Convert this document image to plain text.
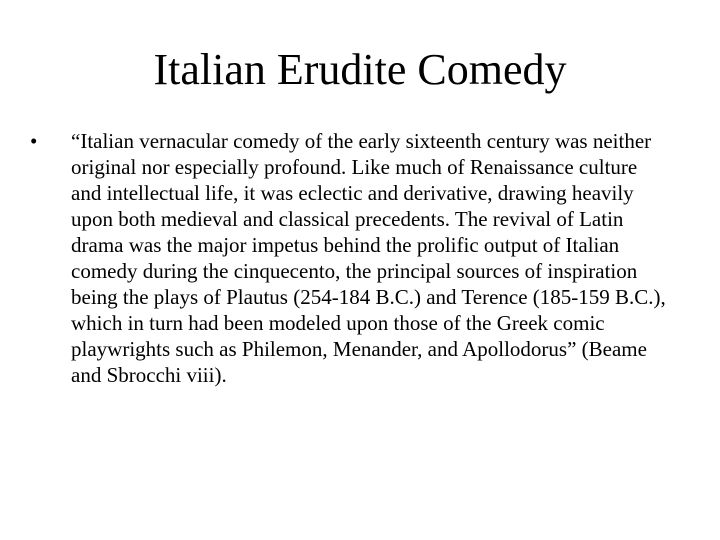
Italian Erudite Comedy
•	“Italian vernacular comedy of the early sixteenth century was neither original nor especially profound. Like much of Renaissance culture and intellectual life, it was eclectic and derivative, drawing heavily upon both medieval and classical precedents. The revival of Latin drama was the major impetus behind the prolific output of Italian comedy during the cinquecento, the principal sources of inspiration being the plays of Plautus (254-184 B.C.) and Terence (185-159 B.C.), which in turn had been modeled upon those of the Greek comic playwrights such as Philemon, Menander, and Apollodorus” (Beame and Sbrocchi viii).
